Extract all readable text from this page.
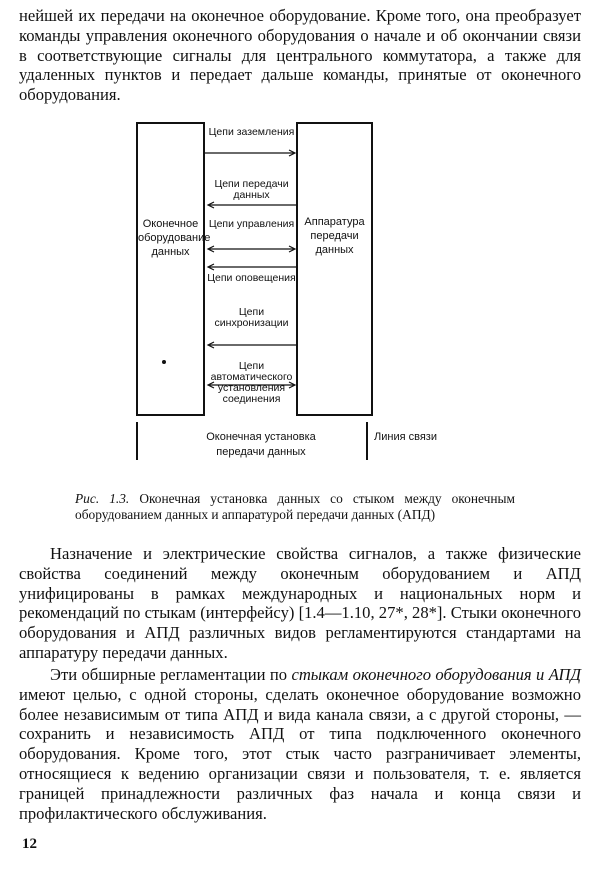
нейшей их передачи на оконечное оборудование. Кроме того, она преобразует команды управления оконечного оборудования о начале и об окончании связи в соответствующие сигналы для центрального коммутатора, а также для удаленных пунктов и передает дальше команды, принятые от оконечного оборудования.

Оконечное оборудование данных
Аппаратура передачи данных
Цепи заземления
Цепи передачи данных
Цепи управления
Цепи оповещения
Цепи синхронизации
Цепи автоматического установления соединения
Оконечная установка передачи данных
Линия связи

Рис. 1.3. Оконечная установка данных со стыком между оконечным оборудованием данных и аппаратурой передачи данных (АПД)

Назначение и электрические свойства сигналов, а также физические свойства соединений между оконечным оборудованием и АПД унифицированы в рамках международных и национальных норм и рекомендаций по стыкам (интерфейсу) [1.4—1.10, 27*, 28*]. Стыки оконечного оборудования и АПД различных видов регламентируются стандартами на аппаратуру передачи данных.

Эти обширные регламентации по стыкам оконечного оборудования и АПД имеют целью, с одной стороны, сделать оконечное оборудование возможно более независимым от типа АПД и вида канала связи, а с другой стороны, — сохранить и независимость АПД от типа подключенного оконечного оборудования. Кроме того, этот стык часто разграничивает элементы, относящиеся к ведению организации связи и пользователя, т. е. является границей принадлежности различных фаз начала и конца связи и профилактического обслуживания.

12
